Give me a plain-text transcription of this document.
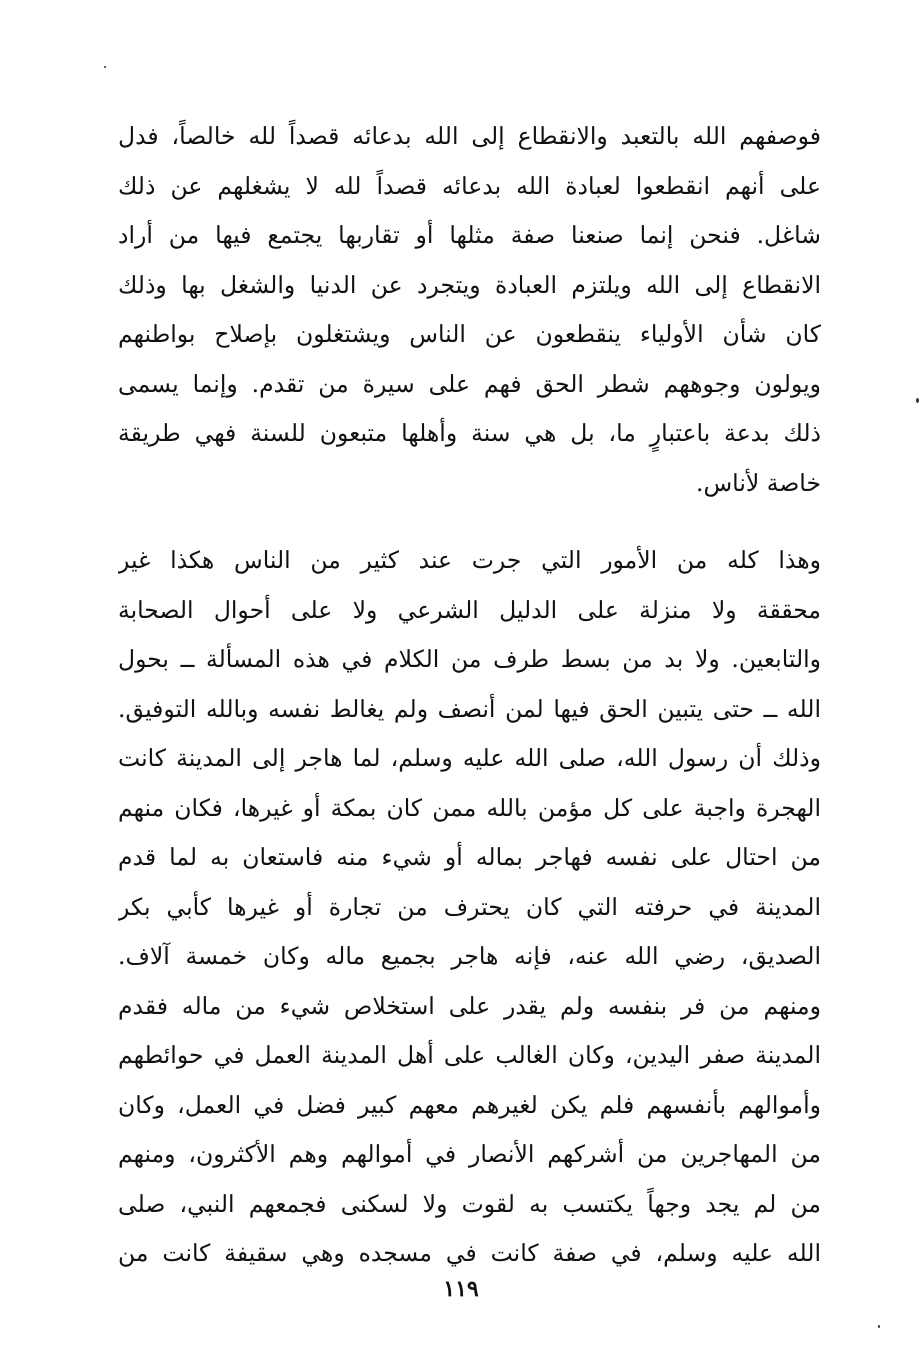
فوصفهم الله بالتعبد والانقطاع إلى الله بدعائه قصداً لله خالصاً، فدل
على أنهم انقطعوا لعبادة الله بدعائه قصداً لله لا يشغلهم عن ذلك
شاغل. فنحن إنما صنعنا صفة مثلها أو تقاربها يجتمع فيها من أراد
الانقطاع إلى الله ويلتزم العبادة ويتجرد عن الدنيا والشغل بها وذلك
كان شأن الأولياء ينقطعون عن الناس ويشتغلون بإصلاح بواطنهم
ويولون وجوههم شطر الحق فهم على سيرة من تقدم. وإنما يسمى
ذلك بدعة باعتبارٍ ما، بل هي سنة وأهلها متبعون للسنة فهي طريقة
خاصة لأناس.
وهذا كله من الأمور التي جرت عند كثير من الناس هكذا غير
محققة ولا منزلة على الدليل الشرعي ولا على أحوال الصحابة
والتابعين. ولا بد من بسط طرف من الكلام في هذه المسألة ــ بحول
الله ــ حتى يتبين الحق فيها لمن أنصف ولم يغالط نفسه وبالله التوفيق.
وذلك أن رسول الله، صلى الله عليه وسلم، لما هاجر إلى المدينة كانت
الهجرة واجبة على كل مؤمن بالله ممن كان بمكة أو غيرها، فكان منهم
من احتال على نفسه فهاجر بماله أو شيء منه فاستعان به لما قدم
المدينة في حرفته التي كان يحترف من تجارة أو غيرها كأبي بكر
الصديق، رضي الله عنه، فإنه هاجر بجميع ماله وكان خمسة آلاف.
ومنهم من فر بنفسه ولم يقدر على استخلاص شيء من ماله فقدم
المدينة صفر اليدين، وكان الغالب على أهل المدينة العمل في حوائطهم
وأموالهم بأنفسهم فلم يكن لغيرهم معهم كبير فضل في العمل، وكان
من المهاجرين من أشركهم الأنصار في أموالهم وهم الأكثرون، ومنهم
من لم يجد وجهاً يكتسب به لقوت ولا لسكنى فجمعهم النبي، صلى
الله عليه وسلم، في صفة كانت في مسجده وهي سقيفة كانت من
١١٩
